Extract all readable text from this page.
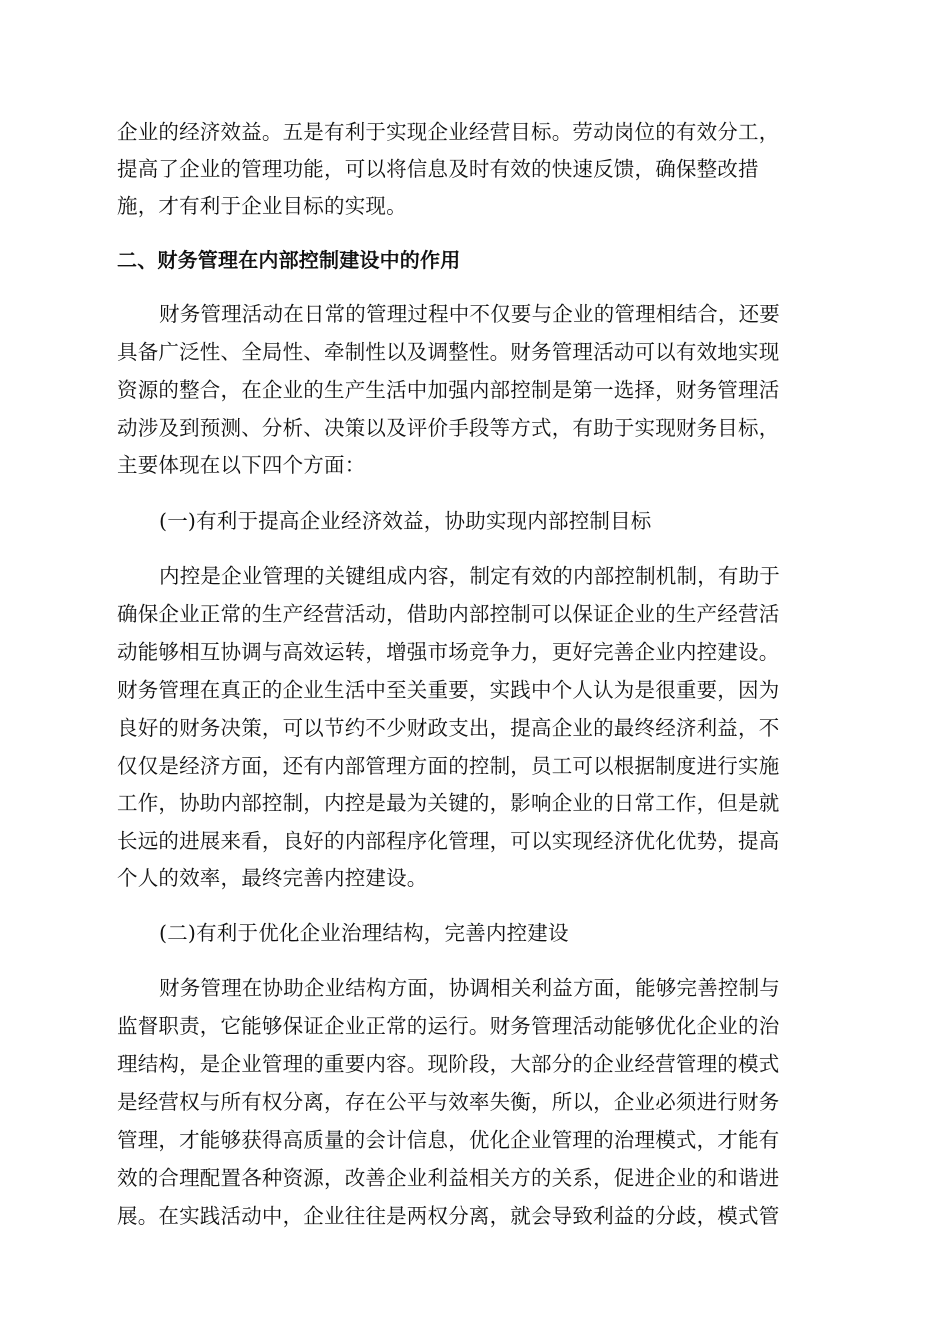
企业的经济效益。五是有利于实现企业经营目标。劳动岗位的有效分工，
提高了企业的管理功能，可以将信息及时有效的快速反馈，确保整改措
施，才有利于企业目标的实现。
二、财务管理在内部控制建设中的作用
财务管理活动在日常的管理过程中不仅要与企业的管理相结合，还要
具备广泛性、全局性、牵制性以及调整性。财务管理活动可以有效地实现
资源的整合，在企业的生产生活中加强内部控制是第一选择，财务管理活
动涉及到预测、分析、决策以及评价手段等方式，有助于实现财务目标，
主要体现在以下四个方面：
(一)有利于提高企业经济效益，协助实现内部控制目标
内控是企业管理的关键组成内容，制定有效的内部控制机制，有助于
确保企业正常的生产经营活动，借助内部控制可以保证企业的生产经营活
动能够相互协调与高效运转，增强市场竞争力，更好完善企业内控建设。
财务管理在真正的企业生活中至关重要，实践中个人认为是很重要，因为
良好的财务决策，可以节约不少财政支出，提高企业的最终经济利益，不
仅仅是经济方面，还有内部管理方面的控制，员工可以根据制度进行实施
工作，协助内部控制，内控是最为关键的，影响企业的日常工作，但是就
长远的进展来看，良好的内部程序化管理，可以实现经济优化优势，提高
个人的效率，最终完善内控建设。
(二)有利于优化企业治理结构，完善内控建设
财务管理在协助企业结构方面，协调相关利益方面，能够完善控制与
监督职责，它能够保证企业正常的运行。财务管理活动能够优化企业的治
理结构，是企业管理的重要内容。现阶段，大部分的企业经营管理的模式
是经营权与所有权分离，存在公平与效率失衡，所以，企业必须进行财务
管理，才能够获得高质量的会计信息，优化企业管理的治理模式，才能有
效的合理配置各种资源，改善企业利益相关方的关系，促进企业的和谐进
展。在实践活动中，企业往往是两权分离，就会导致利益的分歧，模式管
